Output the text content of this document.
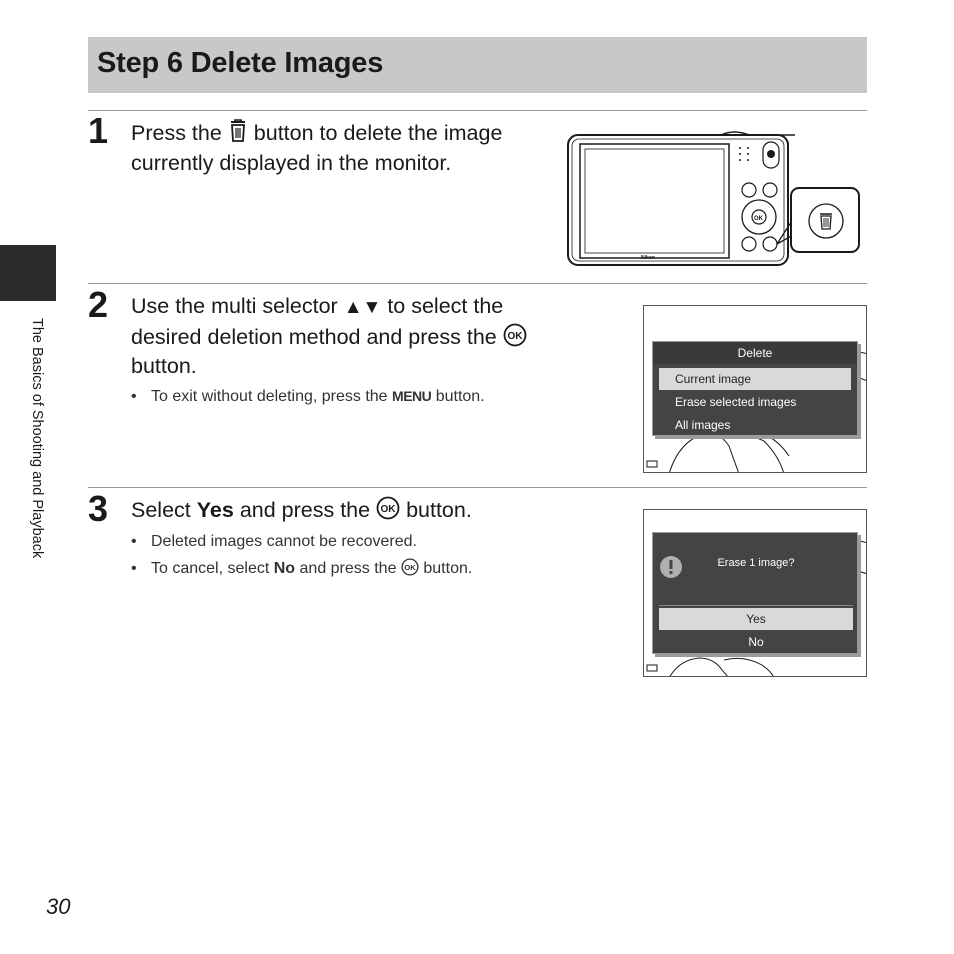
Step 6 Delete Images
The Basics of Shooting and Playback
1 Press the button to delete the image
currently displayed in the monitor.
Nikon
OK
2 Use the multi selector ▲▼ to select the
desired deletion method and press the OK
button.
• To exit without deleting, press the MENU button.
Delete
Current image
Erase selected images
All images
3 Select Yes and press the OK button.
• Deleted images cannot be recovered.
• To cancel, select No and press the OK button.	Erase 1 image?
Yes
No
30
